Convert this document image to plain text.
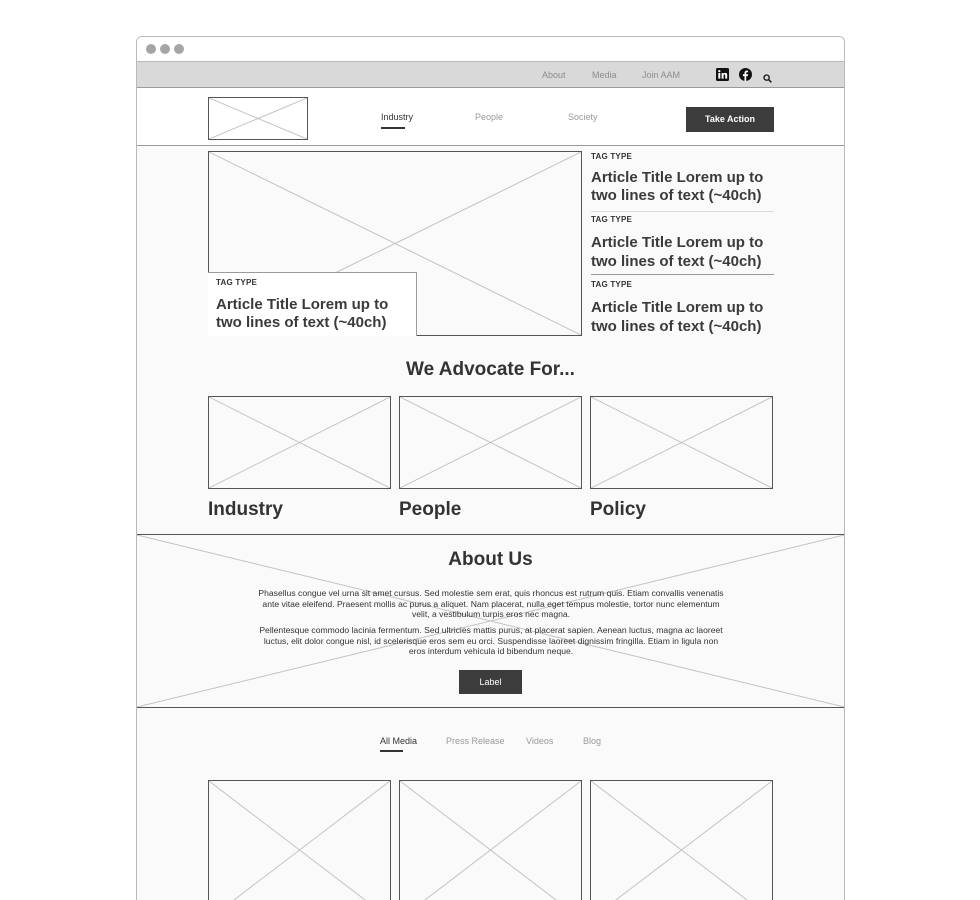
About	Media	Join AAM
Industry	People	Society	Take Action
TAG TYPE
Article Title Lorem up to two lines of text (~40ch)
TAG TYPE
Article Title Lorem up to two lines of text (~40ch)
TAG TYPE
Article Title Lorem up to two lines of text (~40ch)
TAG TYPE
Article Title Lorem up to two lines of text (~40ch)
We Advocate For...
Industry	People	Policy
About Us

Phasellus congue vel urna sit amet cursus. Sed molestie sem erat, quis rhoncus est rutrum quis. Etiam convallis venenatis ante vitae eleifend. Praesent mollis ac purus a aliquet. Nam placerat, nulla eget tempus molestie, tortor nunc elementum velit, a vestibulum turpis eros nec magna.

Pellentesque commodo lacinia fermentum. Sed ultricies mattis purus, at placerat sapien. Aenean luctus, magna ac laoreet luctus, elit dolor congue nisl, id scelerisque eros sem eu orci. Suspendisse laoreet dignissim fringilla. Etiam in ligula non eros interdum vehicula id bibendum neque.

Label
All Media	Press Release Videos	Blog
